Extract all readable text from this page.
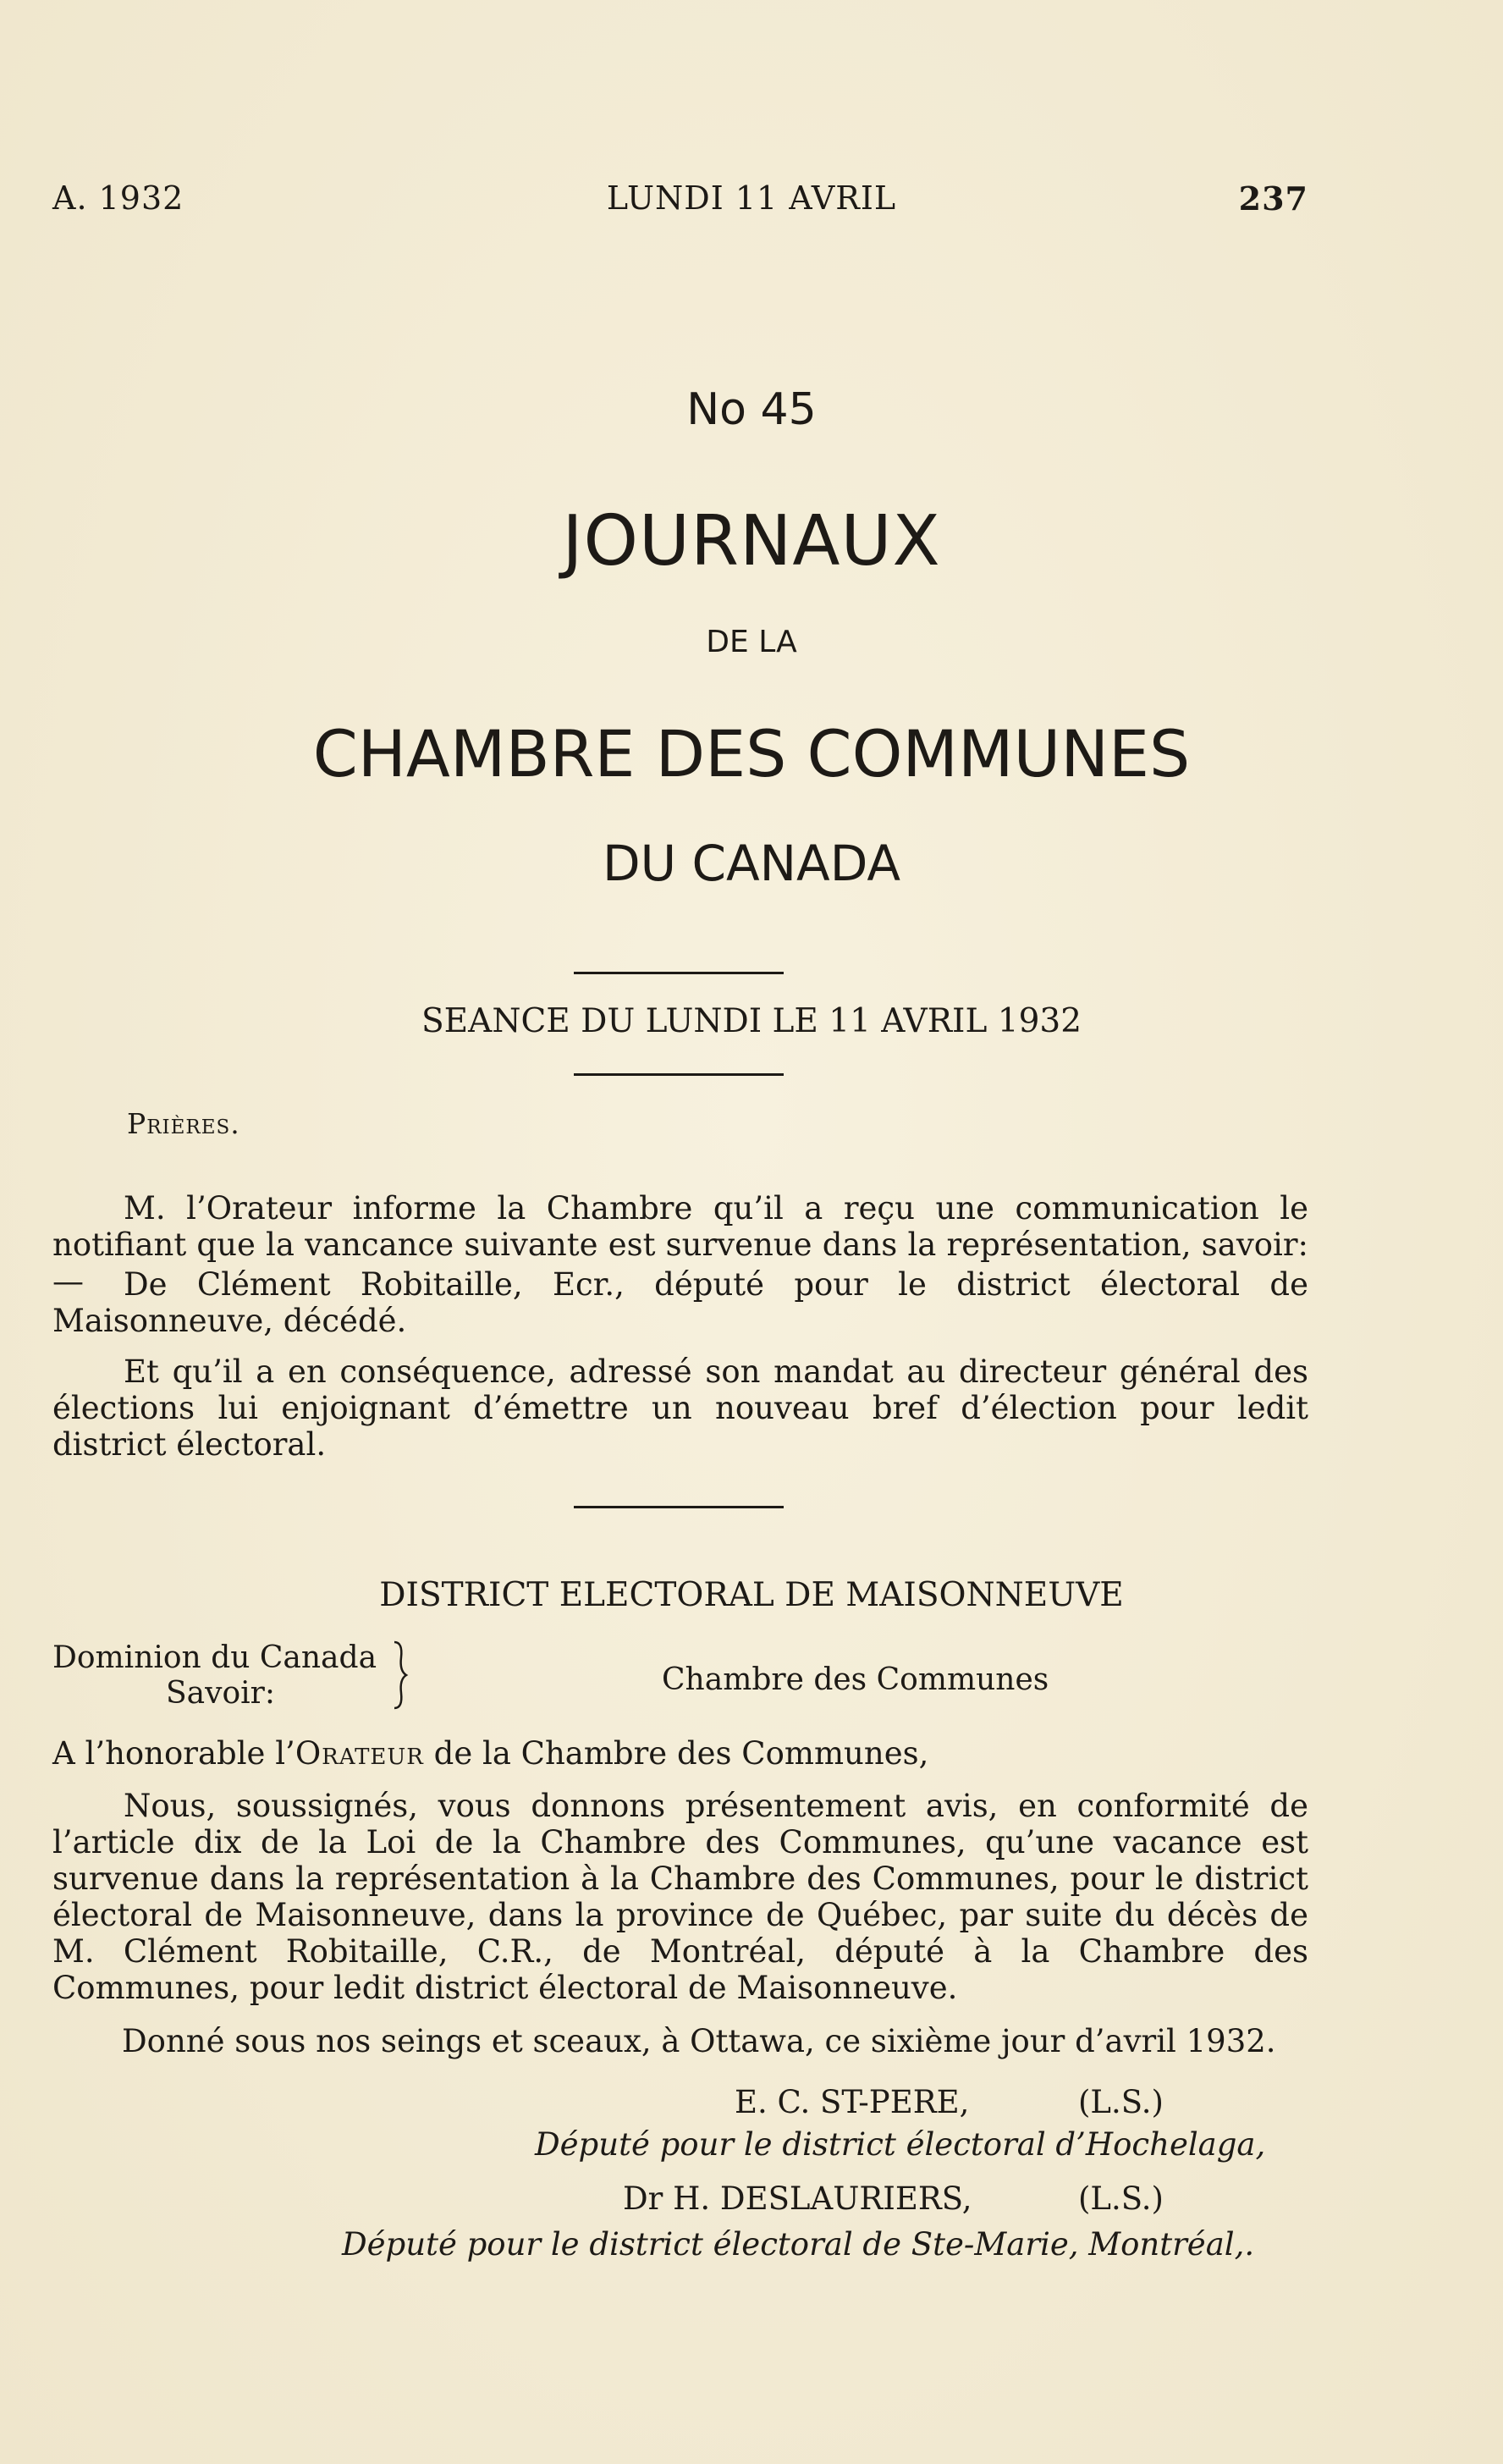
A. 1932	LUNDI 11 AVRIL	237
No 45
JOURNAUX
DE LA
CHAMBRE DES COMMUNES
DU CANADA
SEANCE DU LUNDI LE 11 AVRIL 1932
Prières.
M. l’Orateur informe la Chambre qu’il a reçu une communication le notifiant que la vancance suivante est survenue dans la représentation, savoir:—	De Clément Robitaille, Ecr., député pour le district électoral de Maisonneuve, décédé.
Et qu’il a en conséquence, adressé son mandat au directeur général des élections lui enjoignant d’émettre un nouveau bref d’élection pour ledit district électoral.
DISTRICT ELECTORAL DE MAISONNEUVE
Dominion du Canada
Savoir:	Chambre des Communes
A l’honorable l’Orateur de la Chambre des Communes,
Nous, soussignés, vous donnons présentement avis, en conformité de l’article dix de la Loi de la Chambre des Communes, qu’une vacance est survenue dans la représentation à la Chambre des Communes, pour le district électoral de Maisonneuve, dans la province de Québec, par suite du décès de M. Clément Robitaille, C.R., de Montréal, député à la Chambre des Communes, pour ledit district électoral de Maisonneuve.
Donné sous nos seings et sceaux, à Ottawa, ce sixième jour d’avril 1932.
E. C. ST-PERE,	(L.S.)
Député pour le district électoral d’Hochelaga,
Dr H. DESLAURIERS,	(L.S.)
Député pour le district électoral de Ste-Marie, Montréal,.
